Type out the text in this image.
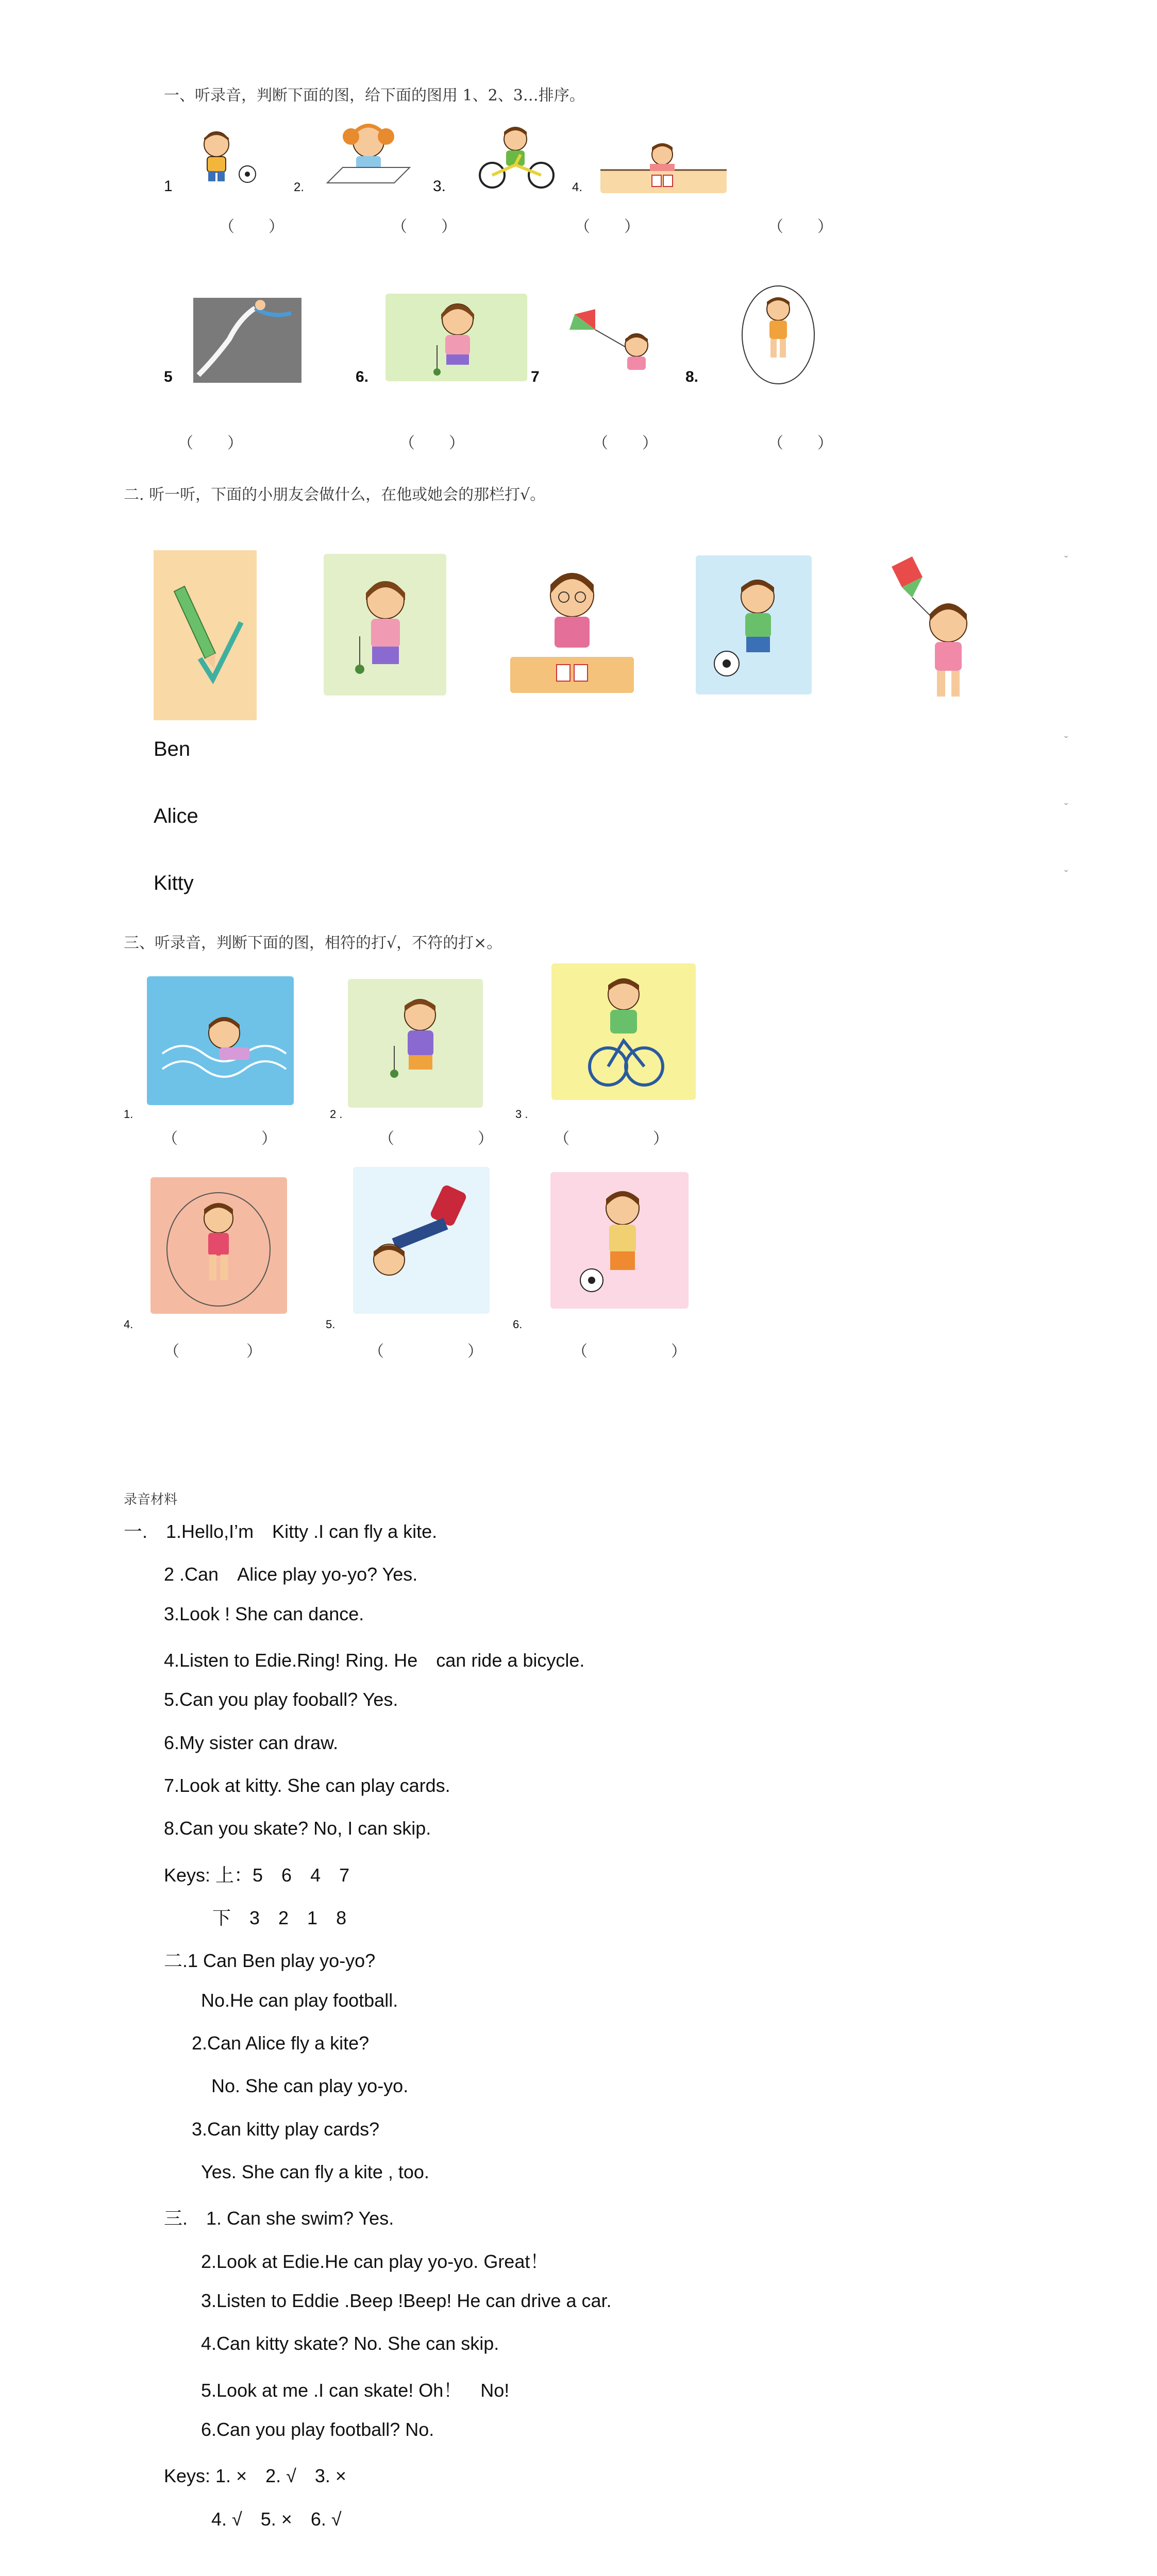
一、听录音，判断下面的图，给下面的图用 1、2、3…排序。
1	2.	3.	4.
（　　）	（　　）	（　　）	（　　）
5	6.	7	8.
（　　）	（　　）	（　　）	（　　）
二. 听一听，下面的小朋友会做什么，在他或她会的那栏打√。
Ben
Alice
Kitty
ˇ
ˇ
ˇ
ˇ
三、听录音，判断下面的图，相符的打√，不符的打×。
1.	2 .	3 .
（　　　　　）	（　　　　　）	（　　　　　）
4.	5.	6.
（　　　　）	（　　　　　）	（　　　　　）
录音材料
一.　1.Hello,I’m　Kitty .I can fly a kite.
2 .Can　Alice play yo-yo? Yes.
3.Look ! She can dance.
4.Listen to Edie.Ring! Ring. He　can ride a bicycle.
5.Can you play fooball? Yes.
6.My sister can draw.
7.Look at kitty. She can play cards.
8.Can you skate? No, I can skip.
Keys: 上：5　6　4　7
下　3　2　1　8
二.1 Can Ben play yo-yo?
No.He can play football.
2.Can Alice fly a kite?
No. She can play yo-yo.
3.Can kitty play cards?
Yes. She can fly a kite , too.
三.　1. Can she swim? Yes.
2.Look at Edie.He can play yo-yo. Great！
3.Listen to Eddie .Beep !Beep! He can drive a car.
4.Can kitty skate? No. She can skip.
5.Look at me .I can skate! Oh！　No!
6.Can you play football? No.
Keys: 1. ×　2. √　3. ×
4. √　5. ×　6. √
